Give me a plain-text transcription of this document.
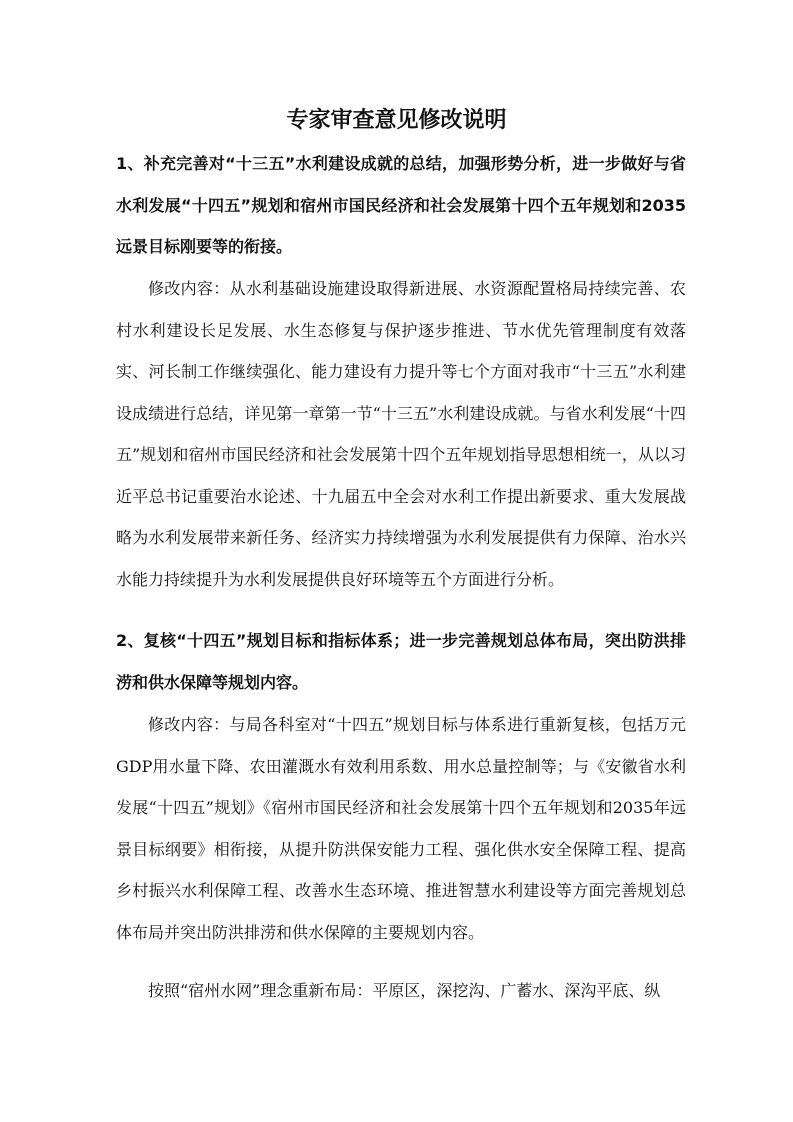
专家审查意见修改说明

1、补充完善对“十三五”水利建设成就的总结，加强形势分析，进一步做好与省水利发展“十四五”规划和宿州市国民经济和社会发展第十四个五年规划和2035远景目标刚要等的衔接。

修改内容：从水利基础设施建设取得新进展、水资源配置格局持续完善、农村水利建设长足发展、水生态修复与保护逐步推进、节水优先管理制度有效落实、河长制工作继续强化、能力建设有力提升等七个方面对我市“十三五”水利建设成绩进行总结，详见第一章第一节“十三五”水利建设成就。与省水利发展“十四五”规划和宿州市国民经济和社会发展第十四个五年规划指导思想相统一，从以习近平总书记重要治水论述、十九届五中全会对水利工作提出新要求、重大发展战略为水利发展带来新任务、经济实力持续增强为水利发展提供有力保障、治水兴水能力持续提升为水利发展提供良好环境等五个方面进行分析。

2、复核“十四五”规划目标和指标体系；进一步完善规划总体布局，突出防洪排涝和供水保障等规划内容。

修改内容：与局各科室对“十四五”规划目标与体系进行重新复核，包括万元GDP用水量下降、农田灌溉水有效利用系数、用水总量控制等；与《安徽省水利发展“十四五”规划》《宿州市国民经济和社会发展第十四个五年规划和2035年远景目标纲要》相衔接，从提升防洪保安能力工程、强化供水安全保障工程、提高乡村振兴水利保障工程、改善水生态环境、推进智慧水利建设等方面完善规划总体布局并突出防洪排涝和供水保障的主要规划内容。

按照“宿州水网”理念重新布局：平原区，深挖沟、广蓄水、深沟平底、纵
